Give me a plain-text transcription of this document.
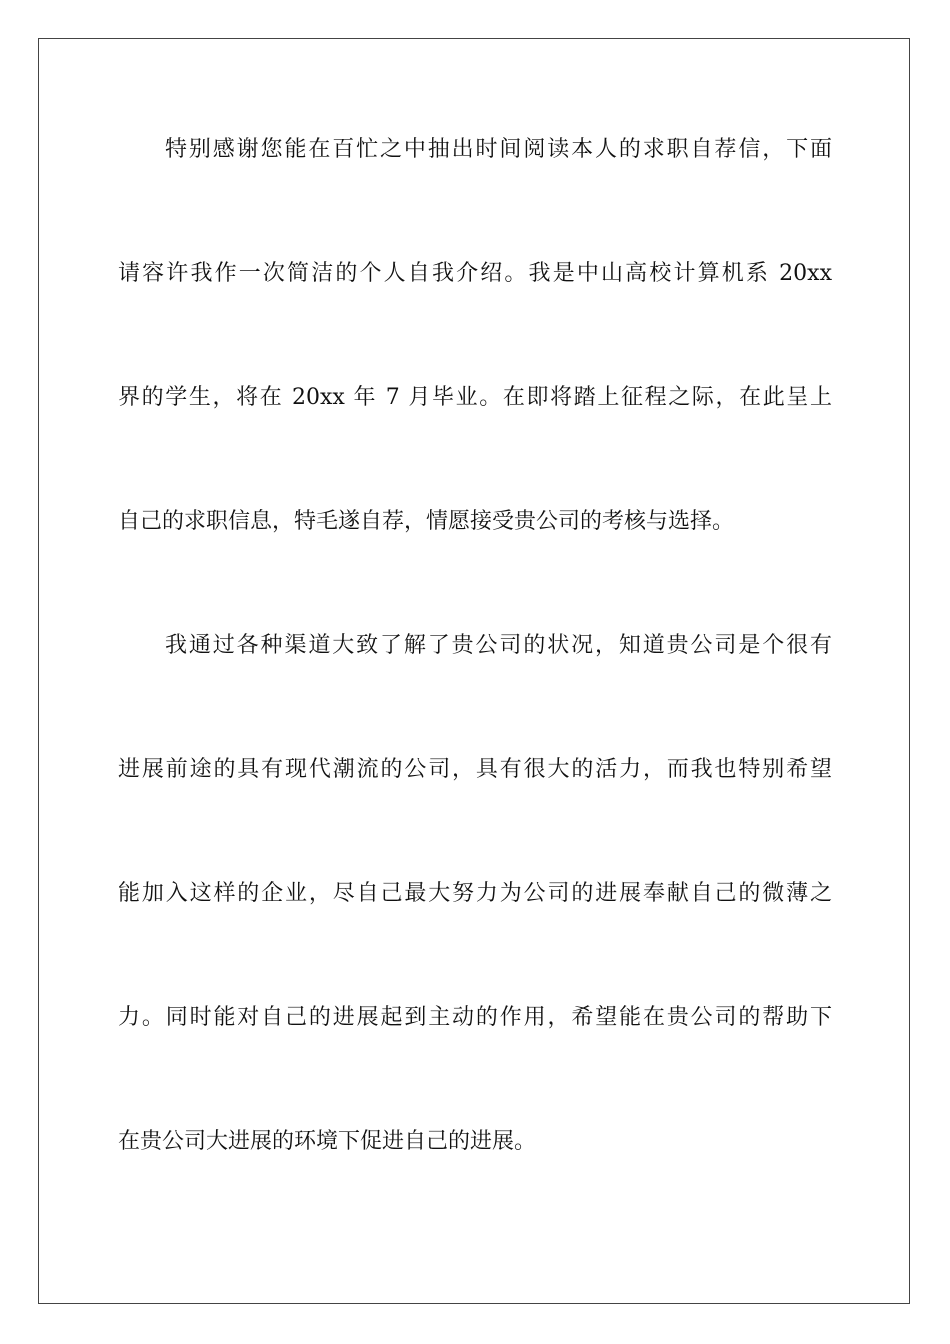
特别感谢您能在百忙之中抽出时间阅读本人的求职自荐信，下面
请容许我作一次简洁的个人自我介绍。我是中山高校计算机系 20xx
界的学生，将在 20xx 年 7 月毕业。在即将踏上征程之际，在此呈上
自己的求职信息，特毛遂自荐，情愿接受贵公司的考核与选择。
我通过各种渠道大致了解了贵公司的状况，知道贵公司是个很有
进展前途的具有现代潮流的公司，具有很大的活力，而我也特别希望
能加入这样的企业，尽自己最大努力为公司的进展奉献自己的微薄之
力。同时能对自己的进展起到主动的作用，希望能在贵公司的帮助下
在贵公司大进展的环境下促进自己的进展。
